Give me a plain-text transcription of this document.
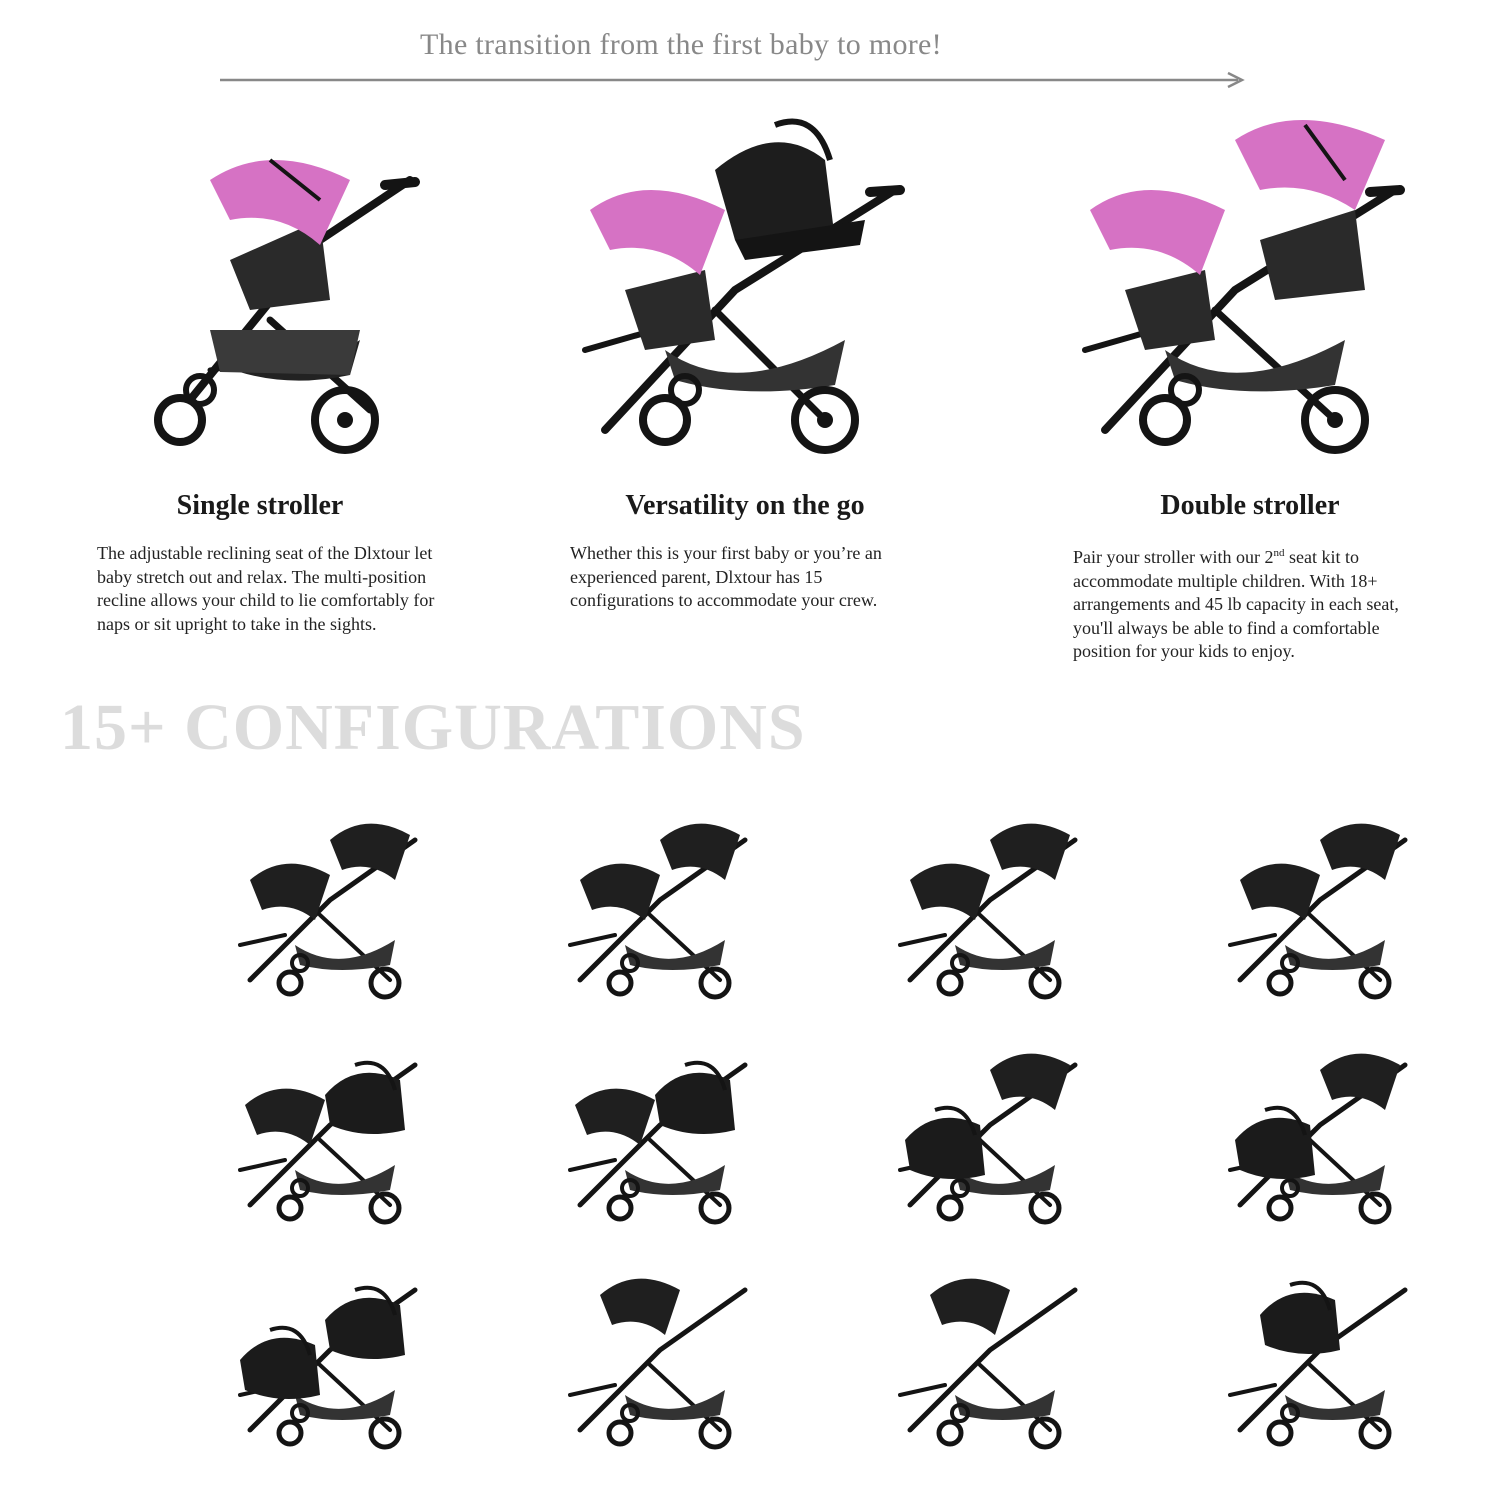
The transition from the first baby to more!
Single stroller	Versatility on the go	Double stroller
The adjustable reclining seat of the Dlxtour let baby stretch out and relax. The multi-position recline allows your child to lie comfortably for naps or sit upright to take in the sights.
Whether this is your first baby or you’re an experienced parent, Dlxtour has 15 configurations to accommodate your crew.
Pair your stroller with our 2nd seat kit to accommodate multiple children. With 18+ arrangements and 45 lb capacity in each seat, you'll always be able to find a comfortable position for your kids to enjoy.
15+ CONFIGURATIONS
